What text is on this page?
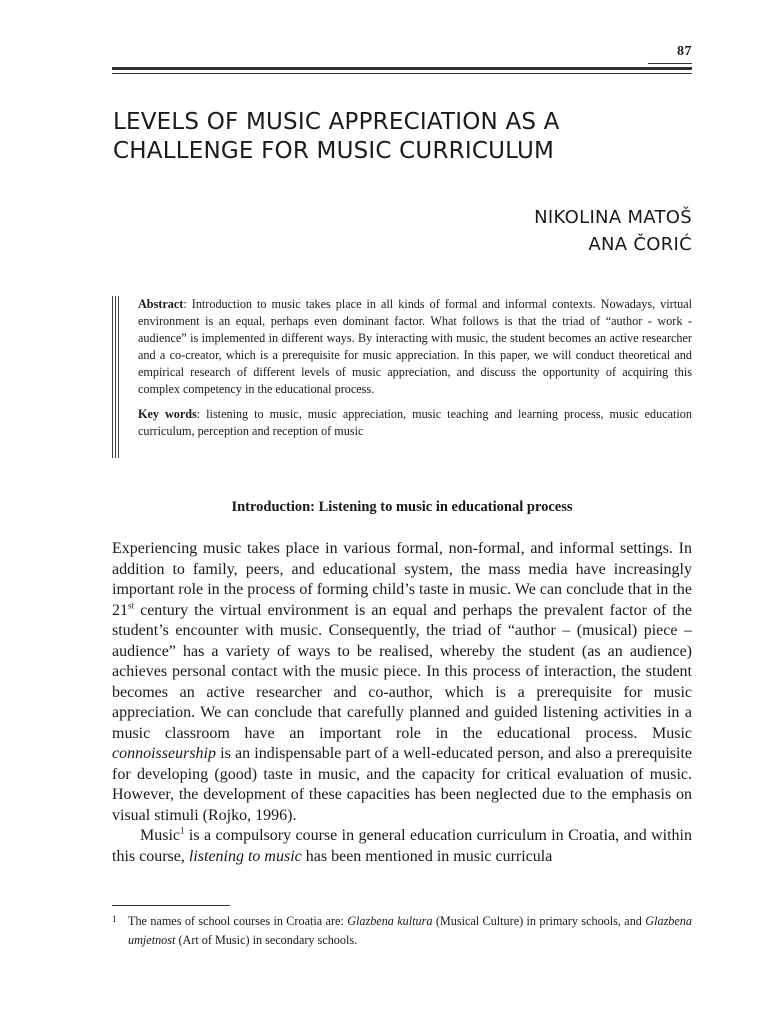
87
LEVELS OF MUSIC APPRECIATION AS A
CHALLENGE FOR MUSIC CURRICULUM
NIKOLINA MATOŠ
ANA ČORIĆ

Abstract: Introduction to music takes place in all kinds of formal and informal contexts. Nowadays, virtual environment is an equal, perhaps even dominant factor. What follows is that the triad of “author - work - audience” is implemented in different ways. By interacting with music, the student becomes an active researcher and a co-creator, which is a prerequisite for music appreciation. In this paper, we will conduct theoretical and empirical research of different levels of music appreciation, and discuss the opportunity of acquiring this complex competency in the educational process.

Key words: listening to music, music appreciation, music teaching and learning process, music education curriculum, perception and reception of music

Introduction: Listening to music in educational process

Experiencing music takes place in various formal, non-formal, and informal settings. In addition to family, peers, and educational system, the mass media have increasingly important role in the process of forming child’s taste in music. We can conclude that in the 21st century the virtual environment is an equal and perhaps the prevalent factor of the student’s encounter with music. Consequently, the triad of “author – (musical) piece – audience” has a variety of ways to be realised, whereby the student (as an audience) achieves personal contact with the music piece. In this process of interaction, the student becomes an active researcher and co-author, which is a prerequisite for music appreciation. We can conclude that carefully planned and guided listening activities in a music classroom have an important role in the educational process. Music connoisseurship is an indispensable part of a well-educated person, and also a prerequisite for developing (good) taste in music, and the capacity for critical evaluation of music. However, the development of these capacities has been neglected due to the emphasis on visual stimuli (Rojko, 1996).

Music$^1$ is a compulsory course in general education curriculum in Croatia, and within this course, listening to music has been mentioned in music curricula

1 The names of school courses in Croatia are: Glazbena kultura (Musical Culture) in primary schools, and Glazbena umjetnost (Art of Music) in secondary schools.
